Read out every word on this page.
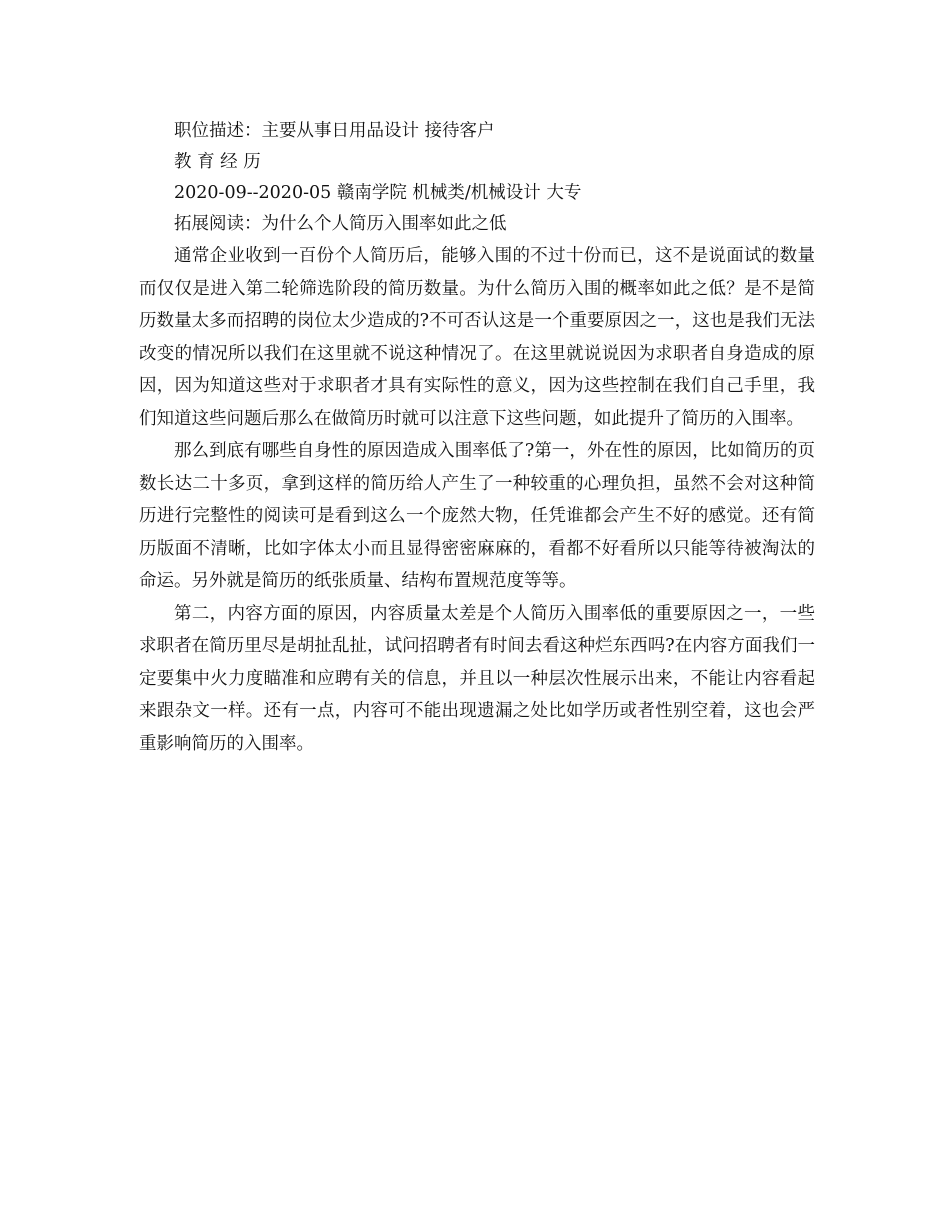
职位描述：主要从事日用品设计 接待客户

教 育 经 历

2020-09--2020-05 赣南学院 机械类/机械设计 大专

拓展阅读：为什么个人简历入围率如此之低

通常企业收到一百份个人简历后，能够入围的不过十份而已，这不是说面试的数量而仅仅是进入第二轮筛选阶段的简历数量。为什么简历入围的概率如此之低？是不是简历数量太多而招聘的岗位太少造成的?不可否认这是一个重要原因之一，这也是我们无法改变的情况所以我们在这里就不说这种情况了。在这里就说说因为求职者自身造成的原因，因为知道这些对于求职者才具有实际性的意义，因为这些控制在我们自己手里，我们知道这些问题后那么在做简历时就可以注意下这些问题，如此提升了简历的入围率。

那么到底有哪些自身性的原因造成入围率低了?第一，外在性的原因，比如简历的页数长达二十多页，拿到这样的简历给人产生了一种较重的心理负担，虽然不会对这种简历进行完整性的阅读可是看到这么一个庞然大物，任凭谁都会产生不好的感觉。还有简历版面不清晰，比如字体太小而且显得密密麻麻的，看都不好看所以只能等待被淘汰的命运。另外就是简历的纸张质量、结构布置规范度等等。

第二，内容方面的原因，内容质量太差是个人简历入围率低的重要原因之一，一些求职者在简历里尽是胡扯乱扯，试问招聘者有时间去看这种烂东西吗?在内容方面我们一定要集中火力度瞄准和应聘有关的信息，并且以一种层次性展示出来，不能让内容看起来跟杂文一样。还有一点，内容可不能出现遗漏之处比如学历或者性别空着，这也会严重影响简历的入围率。
